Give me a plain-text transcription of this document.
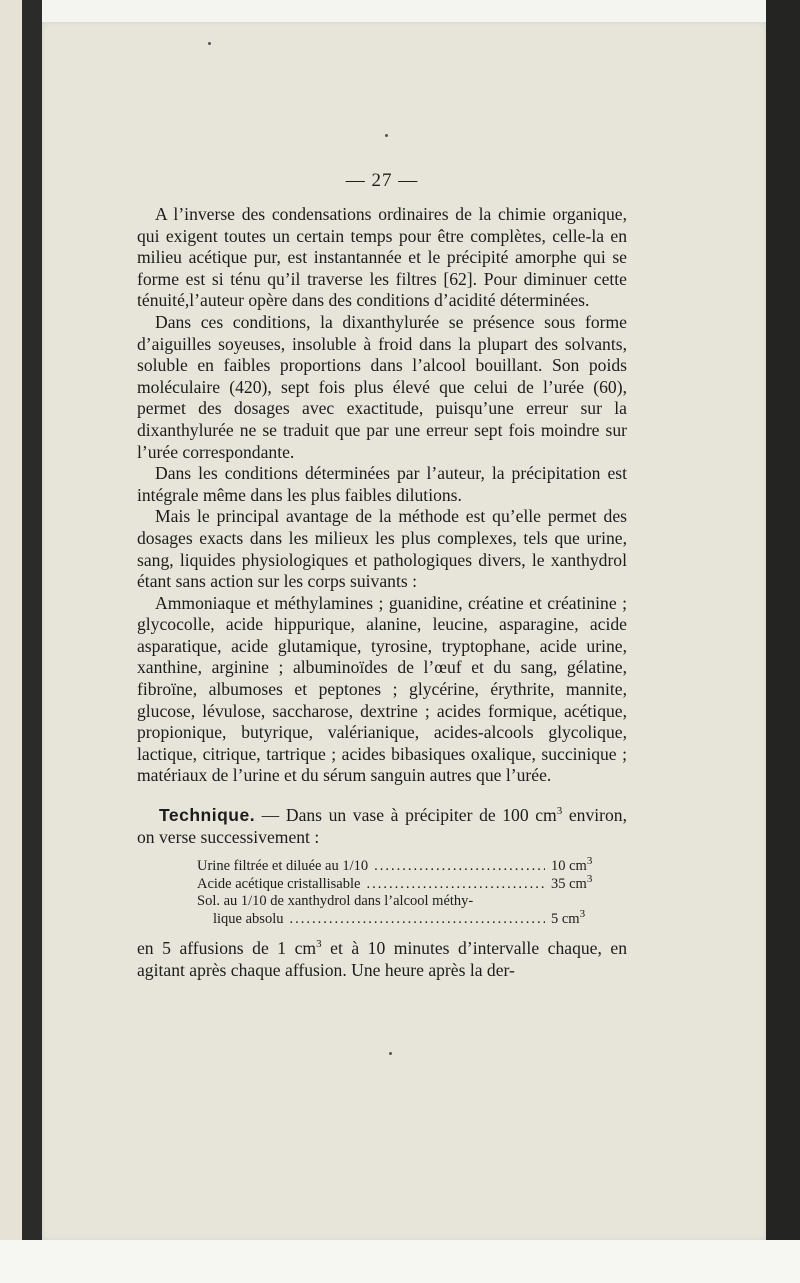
— 27 —

A l’inverse des condensations ordinaires de la chimie organique, qui exigent toutes un certain temps pour être complètes, celle-la en milieu acétique pur, est instantannée et le précipité amorphe qui se forme est si ténu qu’il traverse les filtres [62]. Pour diminuer cette ténuité,l’auteur opère dans des conditions d’acidité déterminées.

Dans ces conditions, la dixanthylurée se présence sous forme d’aiguilles soyeuses, insoluble à froid dans la plupart des solvants, soluble en faibles proportions dans l’alcool bouillant. Son poids moléculaire (420), sept fois plus élevé que celui de l’urée (60), permet des dosages avec exactitude, puisqu’une erreur sur la dixanthylurée ne se traduit que par une erreur sept fois moindre sur l’urée correspondante.

Dans les conditions déterminées par l’auteur, la précipitation est intégrale même dans les plus faibles dilutions.

Mais le principal avantage de la méthode est qu’elle permet des dosages exacts dans les milieux les plus complexes, tels que urine, sang, liquides physiologiques et pathologiques divers, le xanthydrol étant sans action sur les corps suivants :

Ammoniaque et méthylamines ; guanidine, créatine et créatinine ; glycocolle, acide hippurique, alanine, leucine, asparagine, acide asparatique, acide glutamique, tyrosine, tryptophane, acide urine, xanthine, arginine ; albuminoïdes de l’œuf et du sang, gélatine, fibroïne, albumoses et peptones ; glycérine, érythrite, mannite, glucose, lévulose, saccharose, dextrine ; acides formique, acétique, propionique, butyrique, valérianique, acides-alcools glycolique, lactique, citrique, tartrique ; acides bibasiques oxalique, succinique ; matériaux de l’urine et du sérum sanguin autres que l’urée.

Technique. — Dans un vase à précipiter de 100 $cm^3$ environ, on verse successivement :

Urine filtrée et diluée au 1/10 .....	10 $cm^3$
Acide acétique cristallisable .....	35 $cm^3$
Sol. au 1/10 de xanthydrol dans l’alcool méthy-
lique absolu .....	5 $cm^3$

en 5 affusions de 1 $cm^3$ et à 10 minutes d’intervalle chaque, en agitant après chaque affusion. Une heure après la der-
